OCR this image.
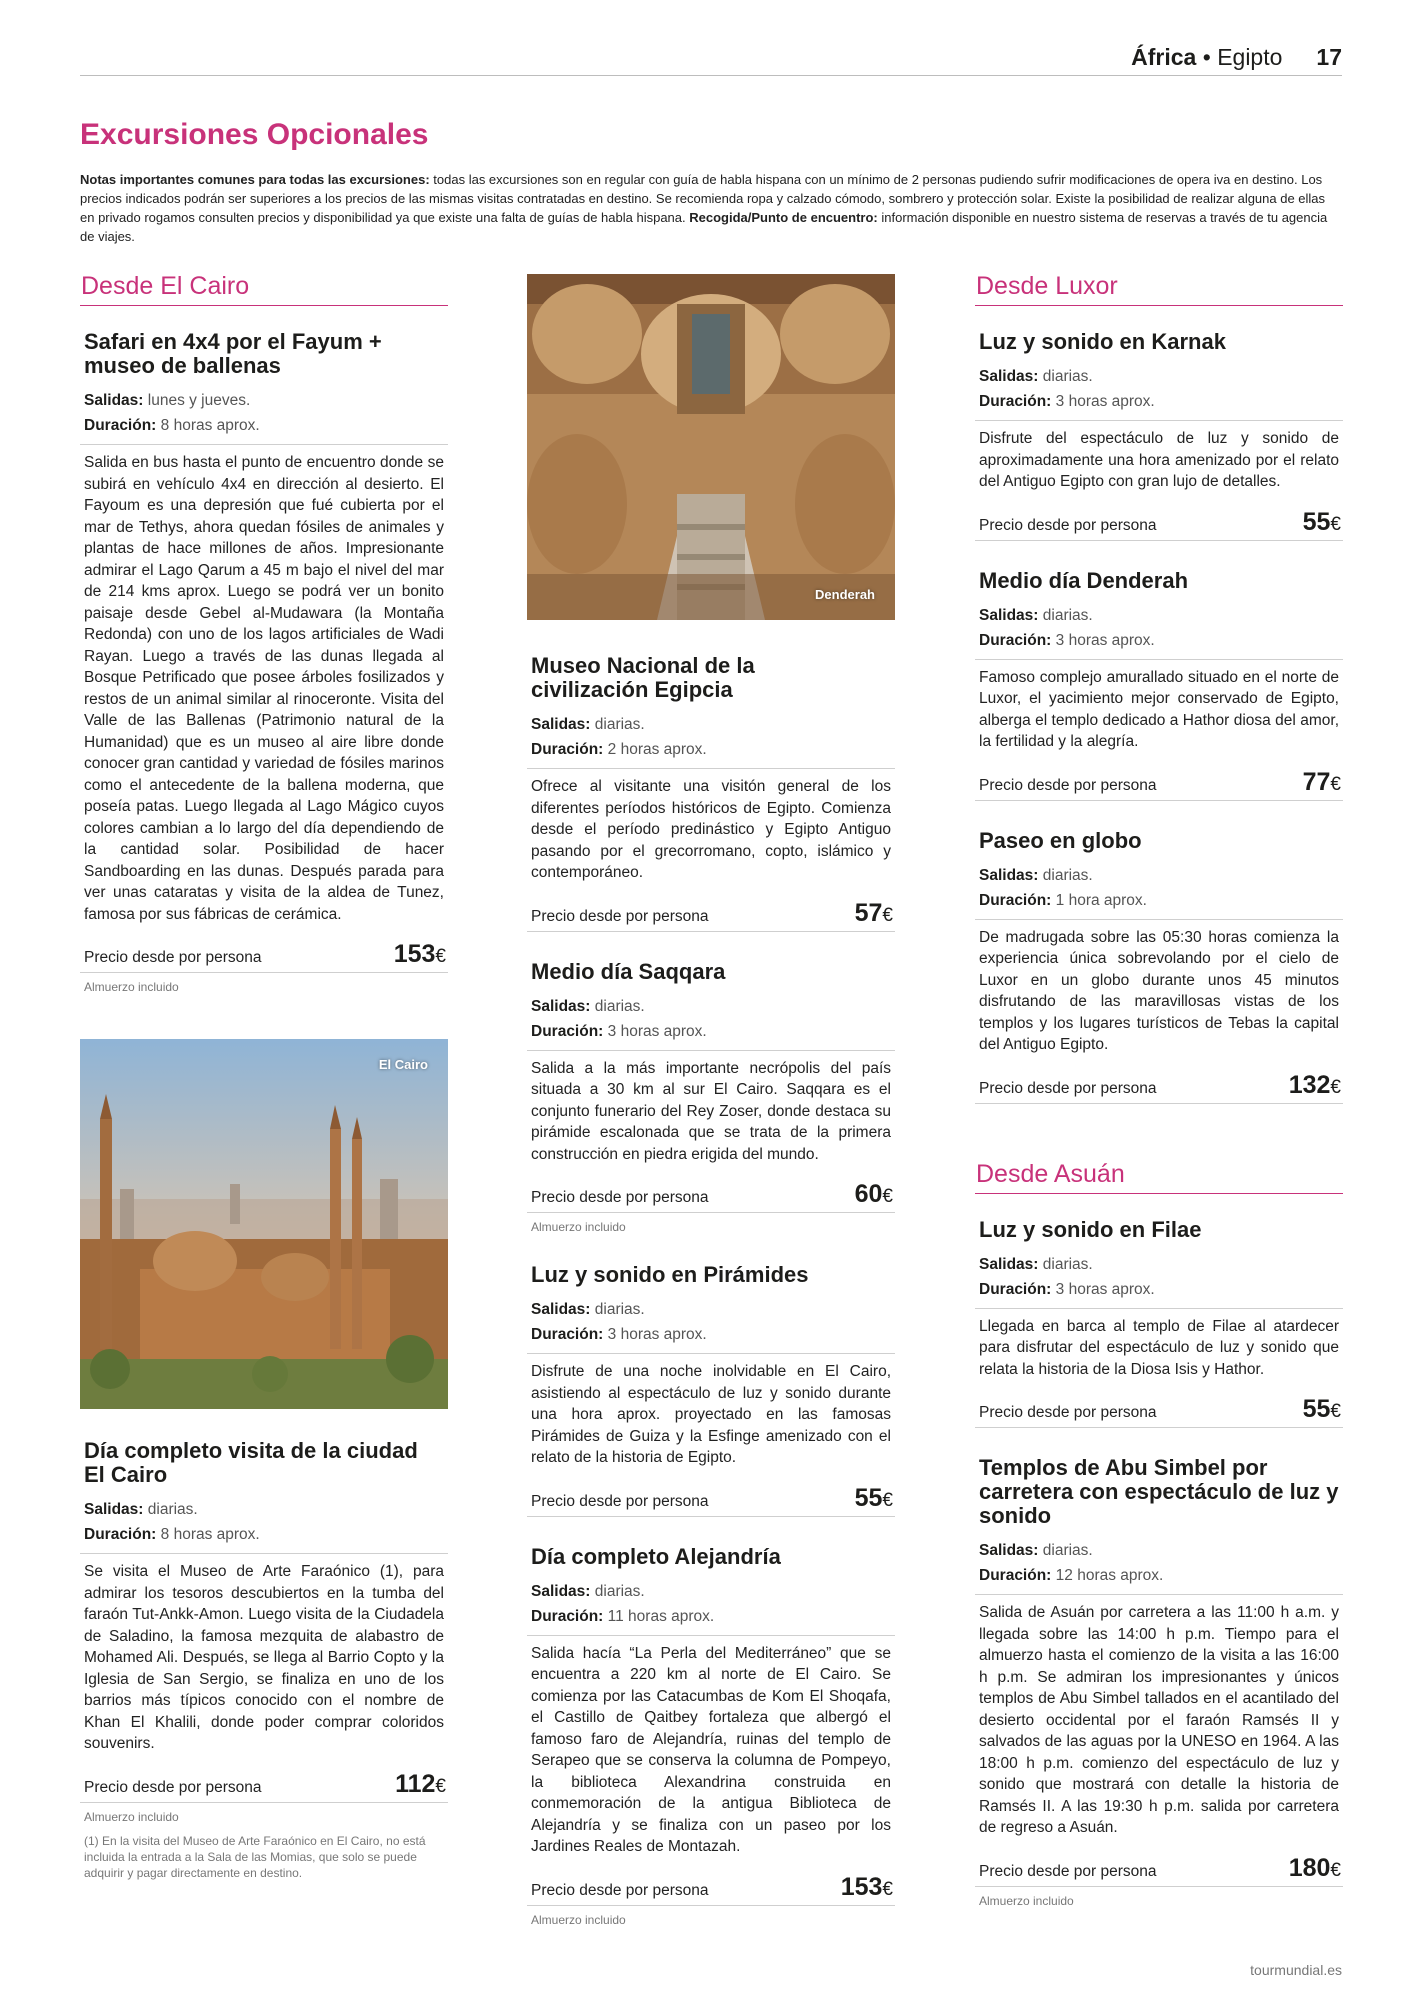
África • Egipto 17
Excursiones Opcionales

Notas importantes comunes para todas las excursiones: todas las excursiones son en regular con guía de habla hispana con un mínimo de 2 personas pudiendo sufrir modificaciones de opera iva en destino. Los precios indicados podrán ser superiores a los precios de las mismas visitas contratadas en destino. Se recomienda ropa y calzado cómodo, sombrero y protección solar. Existe la posibilidad de realizar alguna de ellas en privado rogamos consulten precios y disponibilidad ya que existe una falta de guías de habla hispana. Recogida/Punto de encuentro: información disponible en nuestro sistema de reservas a través de tu agencia de viajes.

Desde El Cairo
Safari en 4x4 por el Fayum + museo de ballenas
Salidas: lunes y jueves.
Duración: 8 horas aprox.

Salida en bus hasta el punto de encuentro donde se subirá en vehículo 4x4 en dirección al desierto. El Fayoum es una depresión que fué cubierta por el mar de Tethys, ahora quedan fósiles de animales y plantas de hace millones de años. Impresionante admirar el Lago Qarum a 45 m bajo el nivel del mar de 214 kms aprox. Luego se podrá ver un bonito paisaje desde Gebel al-Mudawara (la Montaña Redonda) con uno de los lagos artificiales de Wadi Rayan. Luego a través de las dunas llegada al Bosque Petrificado que posee árboles fosilizados y restos de un animal similar al rinoceronte. Visita del Valle de las Ballenas (Patrimonio natural de la Humanidad) que es un museo al aire libre donde conocer gran cantidad y variedad de fósiles marinos como el antecedente de la ballena moderna, que poseía patas. Luego llegada al Lago Mágico cuyos colores cambian a lo largo del día dependiendo de la cantidad solar. Posibilidad de hacer Sandboarding en las dunas. Después parada para ver unas cataratas y visita de la aldea de Tunez, famosa por sus fábricas de cerámica.

Precio desde por persona	153€
Almuerzo incluido
El Cairo
Día completo visita de la ciudad El Cairo
Salidas: diarias.
Duración: 8 horas aprox.

Se visita el Museo de Arte Faraónico (1), para admirar los tesoros descubiertos en la tumba del faraón Tut-Ankk-Amon. Luego visita de la Ciudadela de Saladino, la famosa mezquita de alabastro de Mohamed Ali. Después, se llega al Barrio Copto y la Iglesia de San Sergio, se finaliza en uno de los barrios más típicos conocido con el nombre de Khan El Khalili, donde poder comprar coloridos souvenirs.

Precio desde por persona	112€
Almuerzo incluido
(1) En la visita del Museo de Arte Faraónico en El Cairo, no está incluida la entrada a la Sala de las Momias, que solo se puede adquirir y pagar directamente en destino.
Denderah
Museo Nacional de la civilización Egipcia
Salidas: diarias.
Duración: 2 horas aprox.

Ofrece al visitante una visitón general de los diferentes períodos históricos de Egipto. Comienza desde el período predinástico y Egipto Antiguo pasando por el grecorromano, copto, islámico y contemporáneo.

Precio desde por persona	57€
Medio día Saqqara
Salidas: diarias.
Duración: 3 horas aprox.

Salida a la más importante necrópolis del país situada a 30 km al sur El Cairo. Saqqara es el conjunto funerario del Rey Zoser, donde destaca su pirámide escalonada que se trata de la primera construcción en piedra erigida del mundo.

Precio desde por persona	60€
Almuerzo incluido
Luz y sonido en Pirámides
Salidas: diarias.
Duración: 3 horas aprox.

Disfrute de una noche inolvidable en El Cairo, asistiendo al espectáculo de luz y sonido durante una hora aprox. proyectado en las famosas Pirámides de Guiza y la Esfinge amenizado con el relato de la historia de Egipto.

Precio desde por persona	55€
Día completo Alejandría
Salidas: diarias.
Duración: 11 horas aprox.

Salida hacía “La Perla del Mediterráneo” que se encuentra a 220 km al norte de El Cairo. Se comienza por las Catacumbas de Kom El Shoqafa, el Castillo de Qaitbey fortaleza que albergó el famoso faro de Alejandría, ruinas del templo de Serapeo que se conserva la columna de Pompeyo, la biblioteca Alexandrina construida en conmemoración de la antigua Biblioteca de Alejandría y se finaliza con un paseo por los Jardines Reales de Montazah.

Precio desde por persona	153€
Almuerzo incluido
Desde Luxor
Luz y sonido en Karnak
Salidas: diarias.
Duración: 3 horas aprox.

Disfrute del espectáculo de luz y sonido de aproximadamente una hora amenizado por el relato del Antiguo Egipto con gran lujo de detalles.

Precio desde por persona	55€
Medio día Denderah
Salidas: diarias.
Duración: 3 horas aprox.

Famoso complejo amurallado situado en el norte de Luxor, el yacimiento mejor conservado de Egipto, alberga el templo dedicado a Hathor diosa del amor, la fertilidad y la alegría.

Precio desde por persona	77€
Paseo en globo
Salidas: diarias.
Duración: 1 hora aprox.

De madrugada sobre las 05:30 horas comienza la experiencia única sobrevolando por el cielo de Luxor en un globo durante unos 45 minutos disfrutando de las maravillosas vistas de los templos y los lugares turísticos de Tebas la capital del Antiguo Egipto.

Precio desde por persona	132€
Desde Asuán
Luz y sonido en Filae
Salidas: diarias.
Duración: 3 horas aprox.

Llegada en barca al templo de Filae al atardecer para disfrutar del espectáculo de luz y sonido que relata la historia de la Diosa Isis y Hathor.

Precio desde por persona	55€
Templos de Abu Simbel por carretera con espectáculo de luz y sonido
Salidas: diarias.
Duración: 12 horas aprox.

Salida de Asuán por carretera a las 11:00 h a.m. y llegada sobre las 14:00 h p.m. Tiempo para el almuerzo hasta el comienzo de la visita a las 16:00 h p.m. Se admiran los impresionantes y únicos templos de Abu Simbel tallados en el acantilado del desierto occidental por el faraón Ramsés II y salvados de las aguas por la UNESO en 1964. A las 18:00 h p.m. comienzo del espectáculo de luz y sonido que mostrará con detalle la historia de Ramsés II. A las 19:30 h p.m. salida por carretera de regreso a Asuán.

Precio desde por persona	180€
Almuerzo incluido
tourmundial.es
